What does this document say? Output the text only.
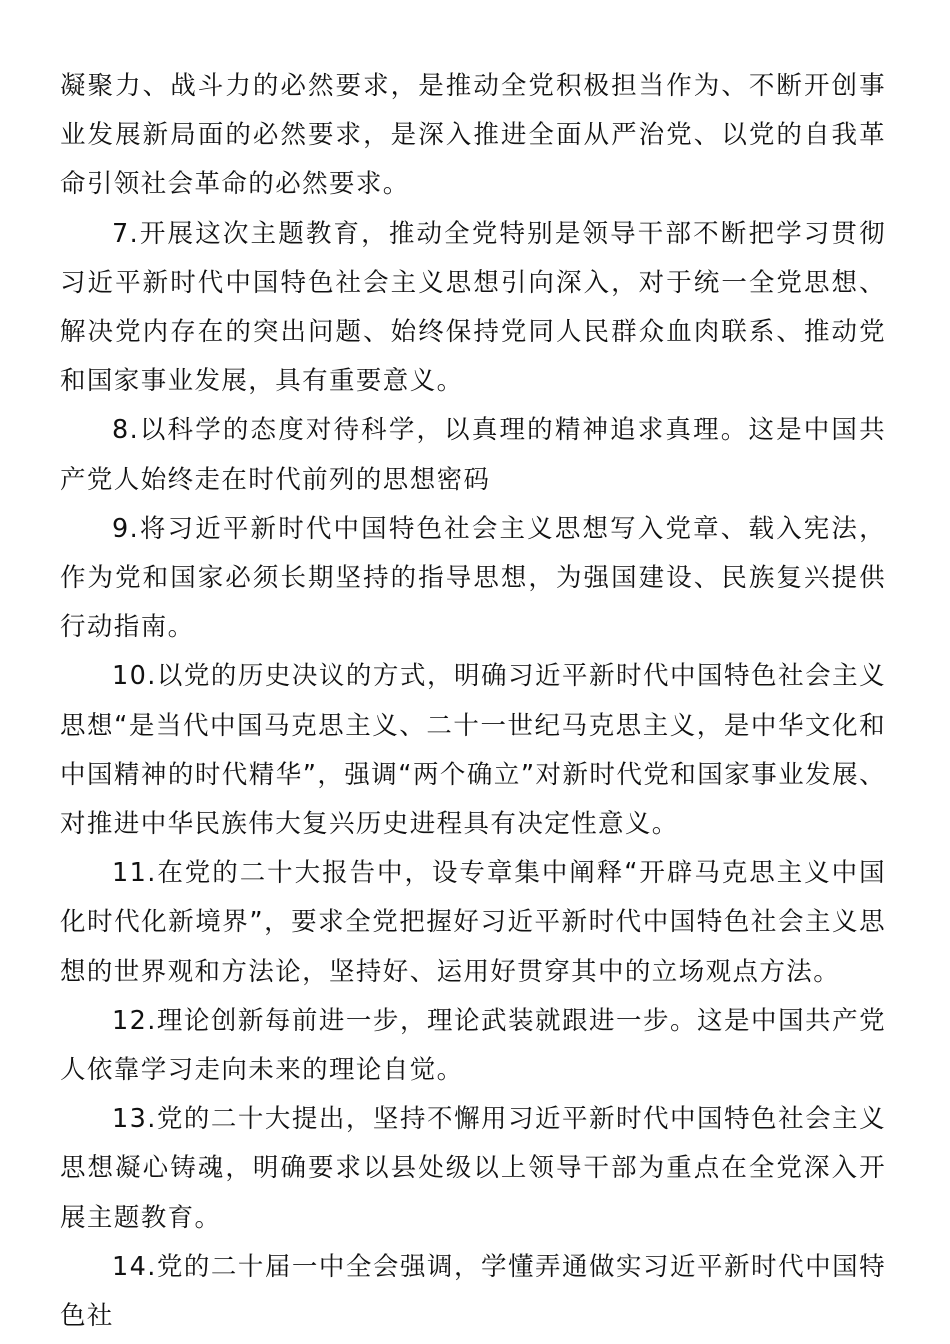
凝聚力、战斗力的必然要求，是推动全党积极担当作为、不断开创事业发展新局面的必然要求，是深入推进全面从严治党、以党的自我革命引领社会革命的必然要求。

7.开展这次主题教育，推动全党特别是领导干部不断把学习贯彻习近平新时代中国特色社会主义思想引向深入，对于统一全党思想、解决党内存在的突出问题、始终保持党同人民群众血肉联系、推动党和国家事业发展，具有重要意义。

8.以科学的态度对待科学，以真理的精神追求真理。这是中国共产党人始终走在时代前列的思想密码

9.将习近平新时代中国特色社会主义思想写入党章、载入宪法，作为党和国家必须长期坚持的指导思想，为强国建设、民族复兴提供行动指南。

10.以党的历史决议的方式，明确习近平新时代中国特色社会主义思想“是当代中国马克思主义、二十一世纪马克思主义，是中华文化和中国精神的时代精华”，强调“两个确立”对新时代党和国家事业发展、对推进中华民族伟大复兴历史进程具有决定性意义。

11.在党的二十大报告中，设专章集中阐释“开辟马克思主义中国化时代化新境界”，要求全党把握好习近平新时代中国特色社会主义思想的世界观和方法论，坚持好、运用好贯穿其中的立场观点方法。

12.理论创新每前进一步，理论武装就跟进一步。这是中国共产党人依靠学习走向未来的理论自觉。

13.党的二十大提出，坚持不懈用习近平新时代中国特色社会主义思想凝心铸魂，明确要求以县处级以上领导干部为重点在全党深入开展主题教育。

14.党的二十届一中全会强调，学懂弄通做实习近平新时代中国特色社
